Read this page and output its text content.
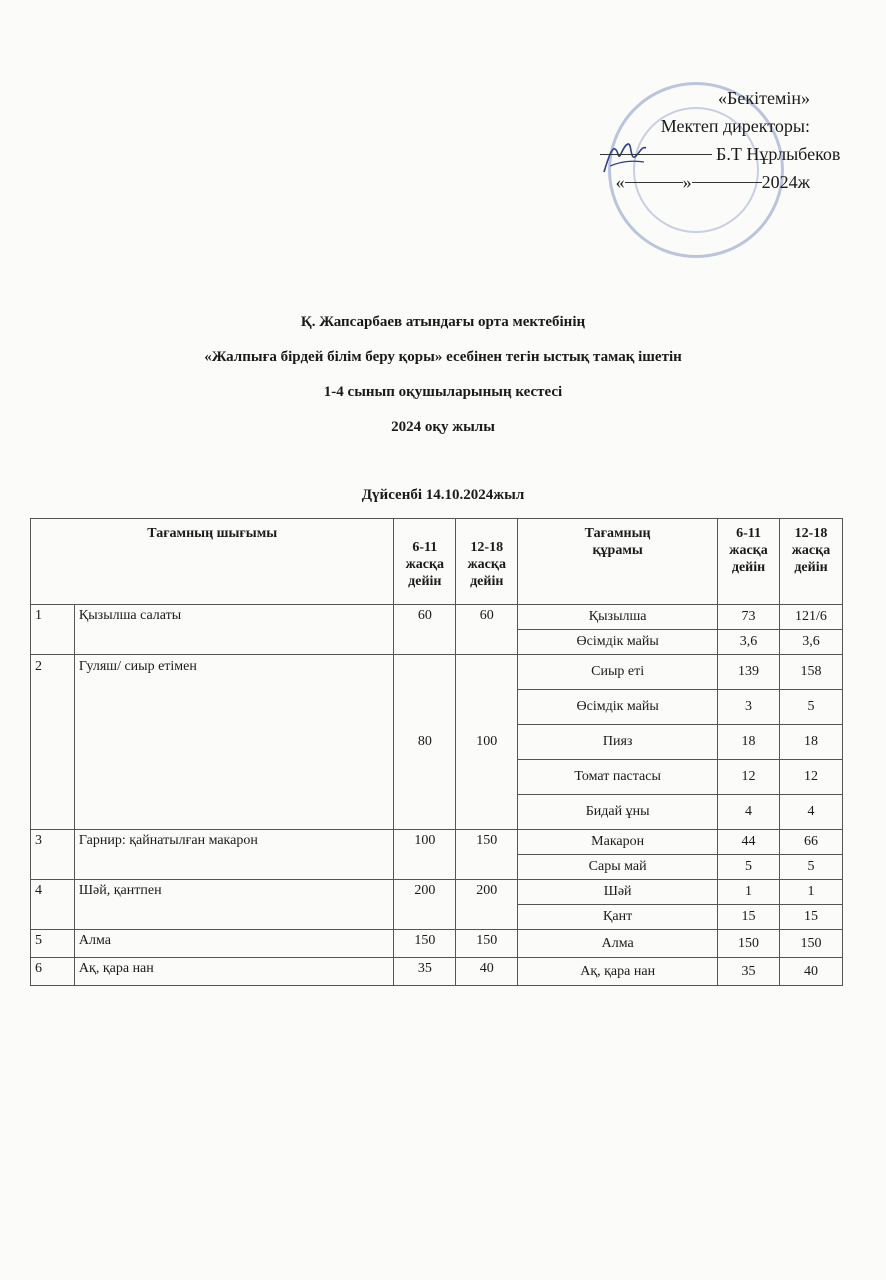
«Бекітемін»
Мектеп директоры:
Б.Т Нұрлыбеков
«	»	2024ж
Қ. Жапсарбаев атындағы орта мектебінің
«Жалпыға бірдей білім беру қоры» есебінен тегін ыстық тамақ ішетін
1-4 сынып оқушыларының кестесі
2024 оқу жылы
Дүйсенбі 14.10.2024жыл
Тағамның шығымы		6-11 жасқа дейін	12-18 жасқа дейін	Тағамның құрамы	6-11 жасқа дейін	12-18 жасқа дейін
1	Қызылша салаты	60	60	Қызылша	73	121/6
				Өсімдік майы	3,6	3,6
2	Гуляш/ сиыр етімен	80	100	Сиыр еті	139	158
				Өсімдік майы	3	5
				Пияз	18	18
				Томат пастасы	12	12
				Бидай ұны	4	4
3	Гарнир: қайнатылған макарон	100	150	Макарон	44	66
				Сары май	5	5
4	Шәй, қантпен	200	200	Шәй	1	1
				Қант	15	15
5	Алма	150	150	Алма	150	150
6	Ақ, қара нан	35	40	Ақ, қара нан	35	40
